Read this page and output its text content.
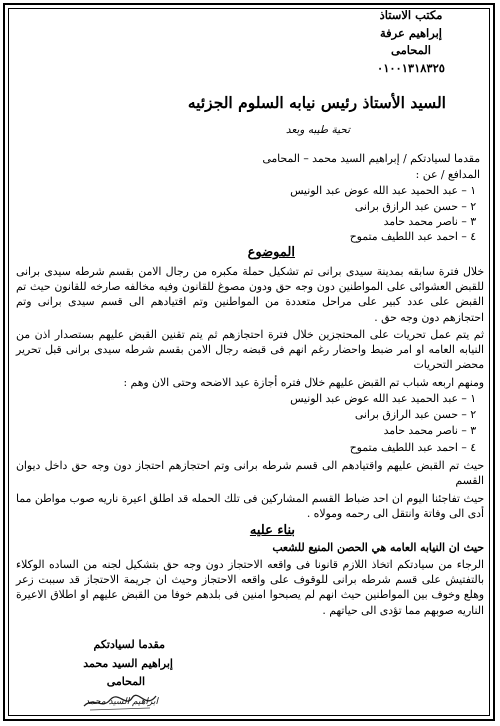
مكتب الاستاذ
إبراهيم عرفة
المحامى
٠١٠٠١٣١٨٣٢٥
السيد الأستاذ رئيس نيابه السلوم الجزئيه
تحية طيبه وبعد
مقدما لسيادتكم / إبراهيم السيد محمد – المحامى
المدافع / عن :
١ – عبد الحميد عبد الله عوض عبد الونيس
٢ – حسن عبد الرازق برانى
٣ – ناصر محمد حامد
٤ – احمد عبد اللطيف متموح
الموضوع
خلال فترة سابقه بمدينة سيدى برانى تم تشكيل حملة مكبره من رجال الامن بقسم شرطه سيدى برانى للقبض العشوائى على المواطنين دون وجه حق ودون مصوغ للقانون وفيه مخالفه صارخه للقانون حيث تم القبض على عدد كبير على مراحل متعددة من المواطنين وتم اقتيادهم الى قسم سيدى برانى وتم احتجازهم دون وجه حق .
ثم يتم عمل تحريات على المحتجزين خلال فترة احتجازهم ثم يتم تقنين القبض عليهم بستصدار اذن من النيابه العامه او امر ضبط واحضار رغم انهم فى قبضه رجال الامن بقسم شرطه سيدى برانى قبل تحرير محضر التحريات
ومنهم اربعه شباب تم القبض عليهم خلال فتره أجازة عيد الاضحه وحتى الان وهم :
١ – عبد الحميد عبد الله عوض عبد الونيس
٢ – حسن عبد الرازق برانى
٣ – ناصر محمد حامد
٤ – احمد عبد اللطيف متموح
حيث تم القبض عليهم واقتيادهم الى قسم شرطه برانى وتم احتجازهم احتجاز دون وجه حق داخل ديوان القسم
حيث تفاجئنا اليوم ان احد ضباط القسم المشاركين فى تلك الحمله قد اطلق اعيرة ناريه صوب مواطن مما أدى الى وفاتة وانتقل الى رحمه ومولاه .
بناء عليه
حيث ان النيابه العامه هي الحصن المنيع للشعب
الرجاء من سيادتكم اتخاذ اللازم قانونا فى واقعه الاحتجاز دون وجه حق بتشكيل لجنه من الساده الوكلاء بالتفتيش على قسم شرطه برانى للوقوف على واقعه الاحتجاز وحيث ان جريمة الاحتجاز قد سببت زعر وهلع وخوف بين المواطنين حيث انهم لم يصبحوا امنين فى بلدهم خوفا من القبض عليهم او اطلاق الاعيرة الناريه صوبهم مما تؤدى الى حياتهم .
مقدما لسيادتكم
إبراهيم السيد محمد
المحامى
ابراهيم السيد محمد
